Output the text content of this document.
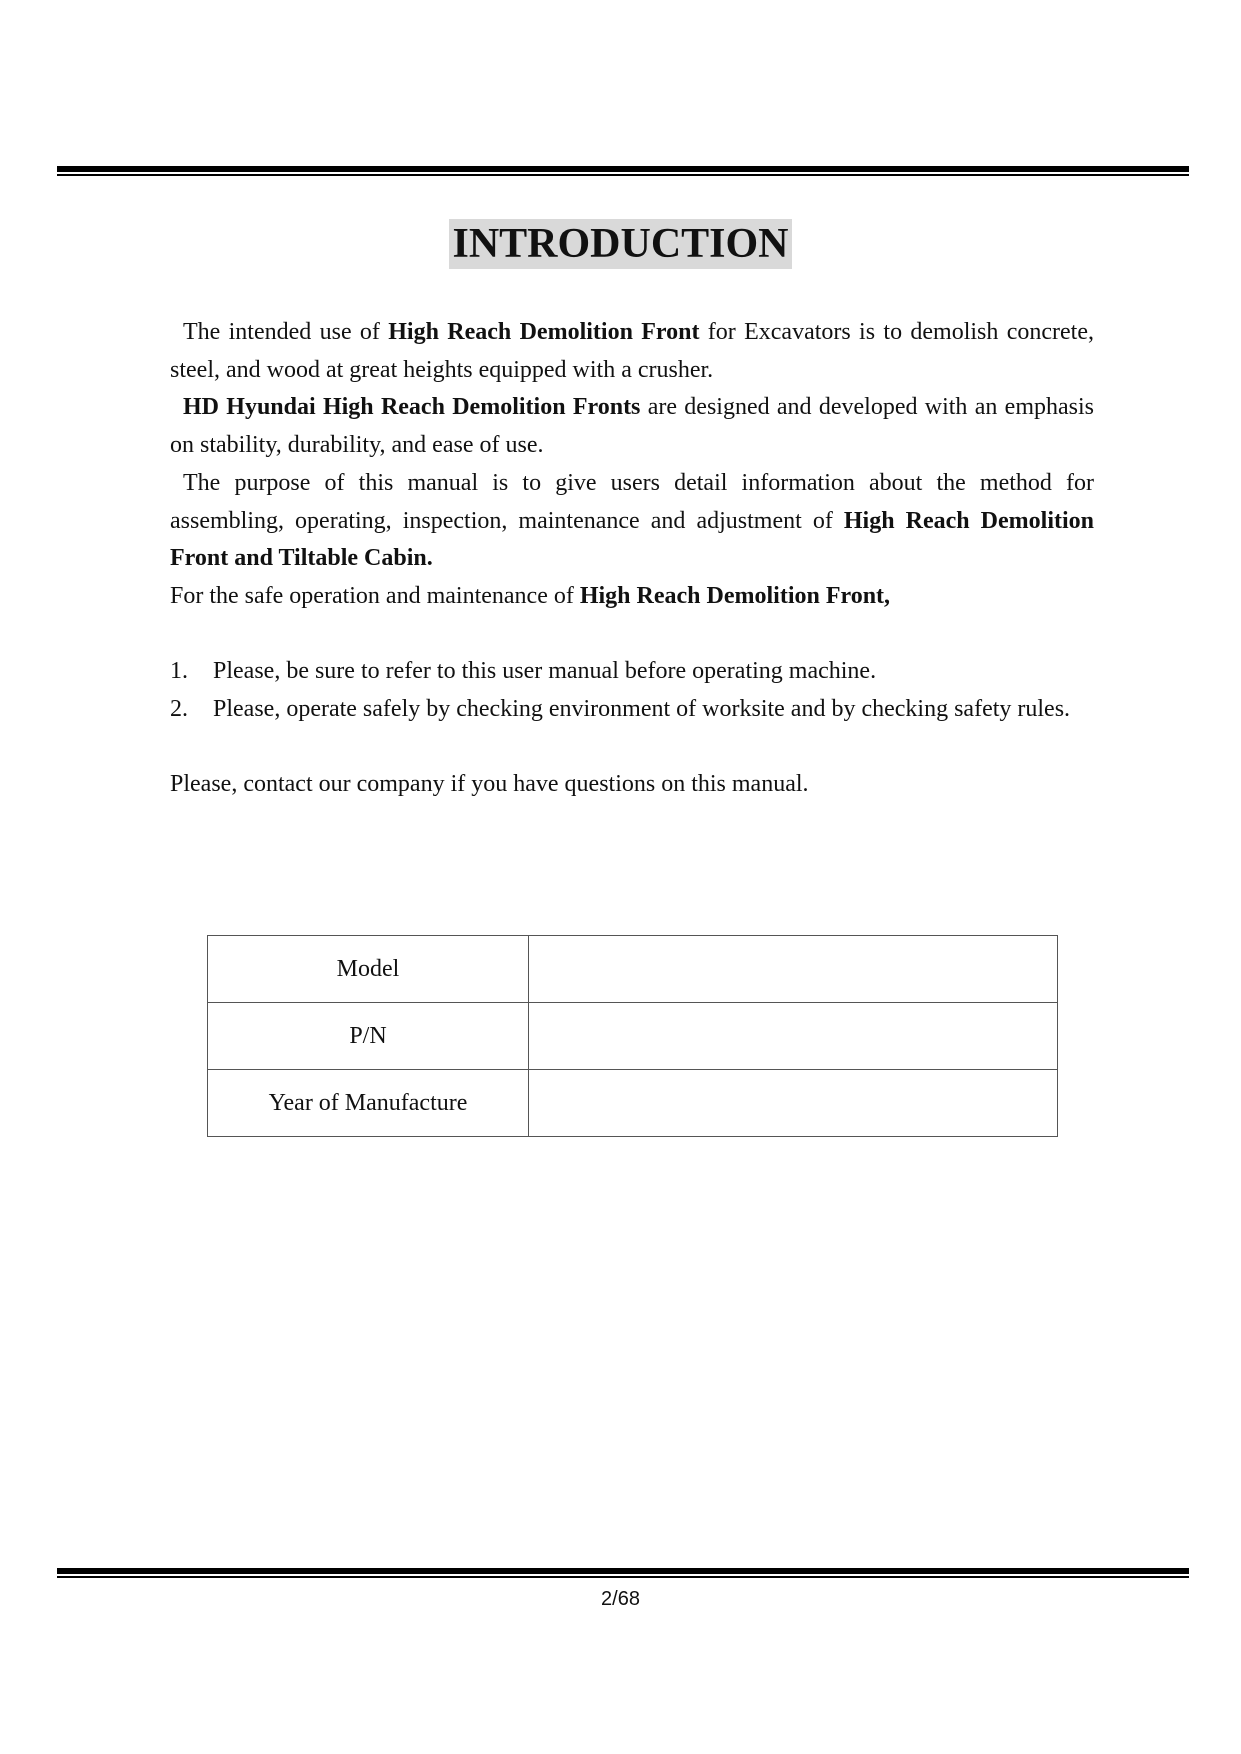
INTRODUCTION

The intended use of High Reach Demolition Front for Excavators is to demolish concrete, steel, and wood at great heights equipped with a crusher.

HD Hyundai High Reach Demolition Fronts are designed and developed with an emphasis on stability, durability, and ease of use.

The purpose of this manual is to give users detail information about the method for assembling, operating, inspection, maintenance and adjustment of High Reach Demolition Front and Tiltable Cabin.

For the safe operation and maintenance of High Reach Demolition Front,

1. Please, be sure to refer to this user manual before operating machine.
2. Please, operate safely by checking environment of worksite and by checking safety rules.

Please, contact our company if you have questions on this manual.

Model	
P/N	
Year of Manufacture	
2/68
